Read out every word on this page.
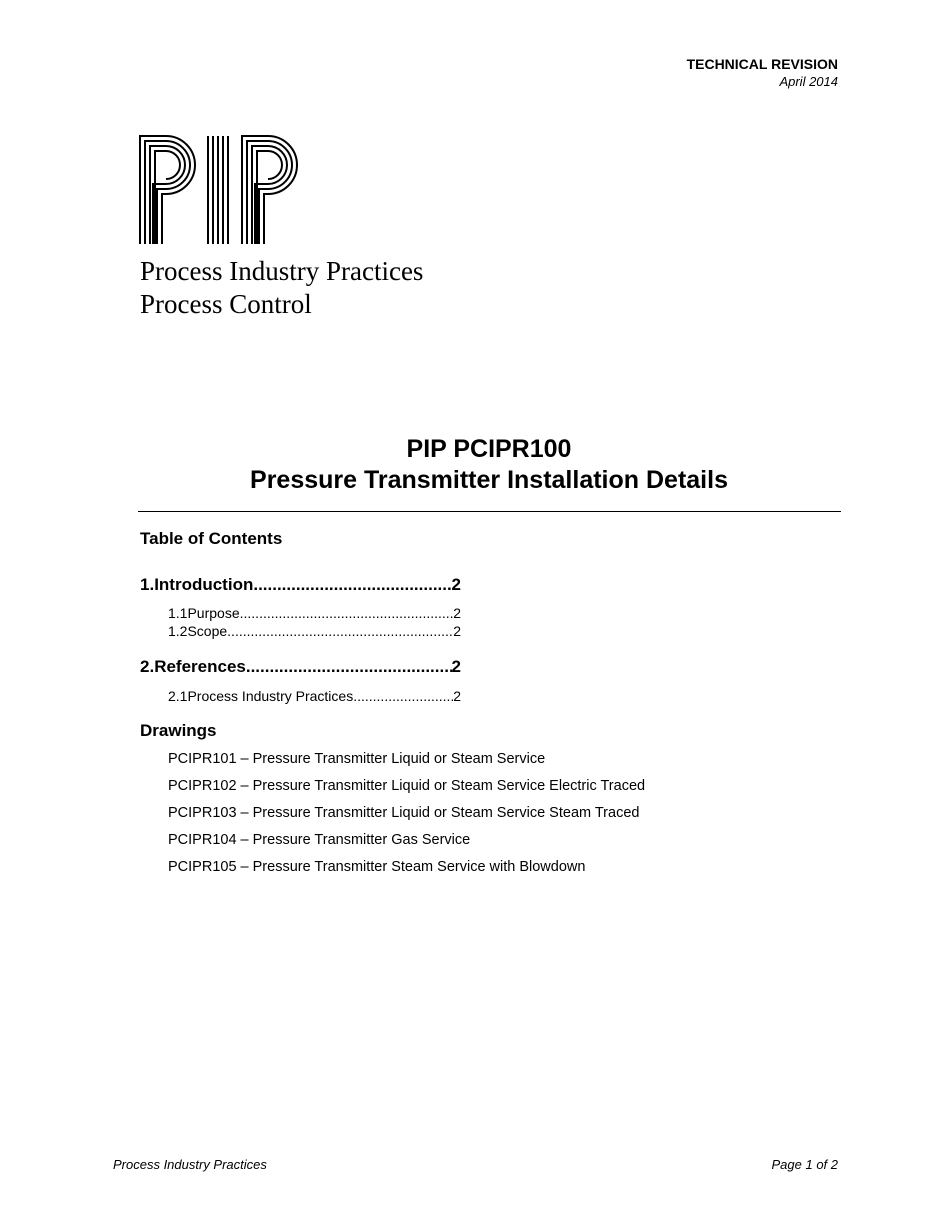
TECHNICAL REVISION
April 2014
Process Industry Practices
Process Control
PIP PCIPR100
Pressure Transmitter Installation Details
Table of Contents
1. Introduction .....	2
1.1 Purpose .....	2
1.2 Scope .....	2
2. References .....	2
2.1 Process Industry Practices .....	2
Drawings
PCIPR101 – Pressure Transmitter Liquid or Steam Service
PCIPR102 – Pressure Transmitter Liquid or Steam Service Electric Traced
PCIPR103 – Pressure Transmitter Liquid or Steam Service Steam Traced
PCIPR104 – Pressure Transmitter Gas Service
PCIPR105 – Pressure Transmitter Steam Service with Blowdown
Process Industry Practices	Page 1 of 2
